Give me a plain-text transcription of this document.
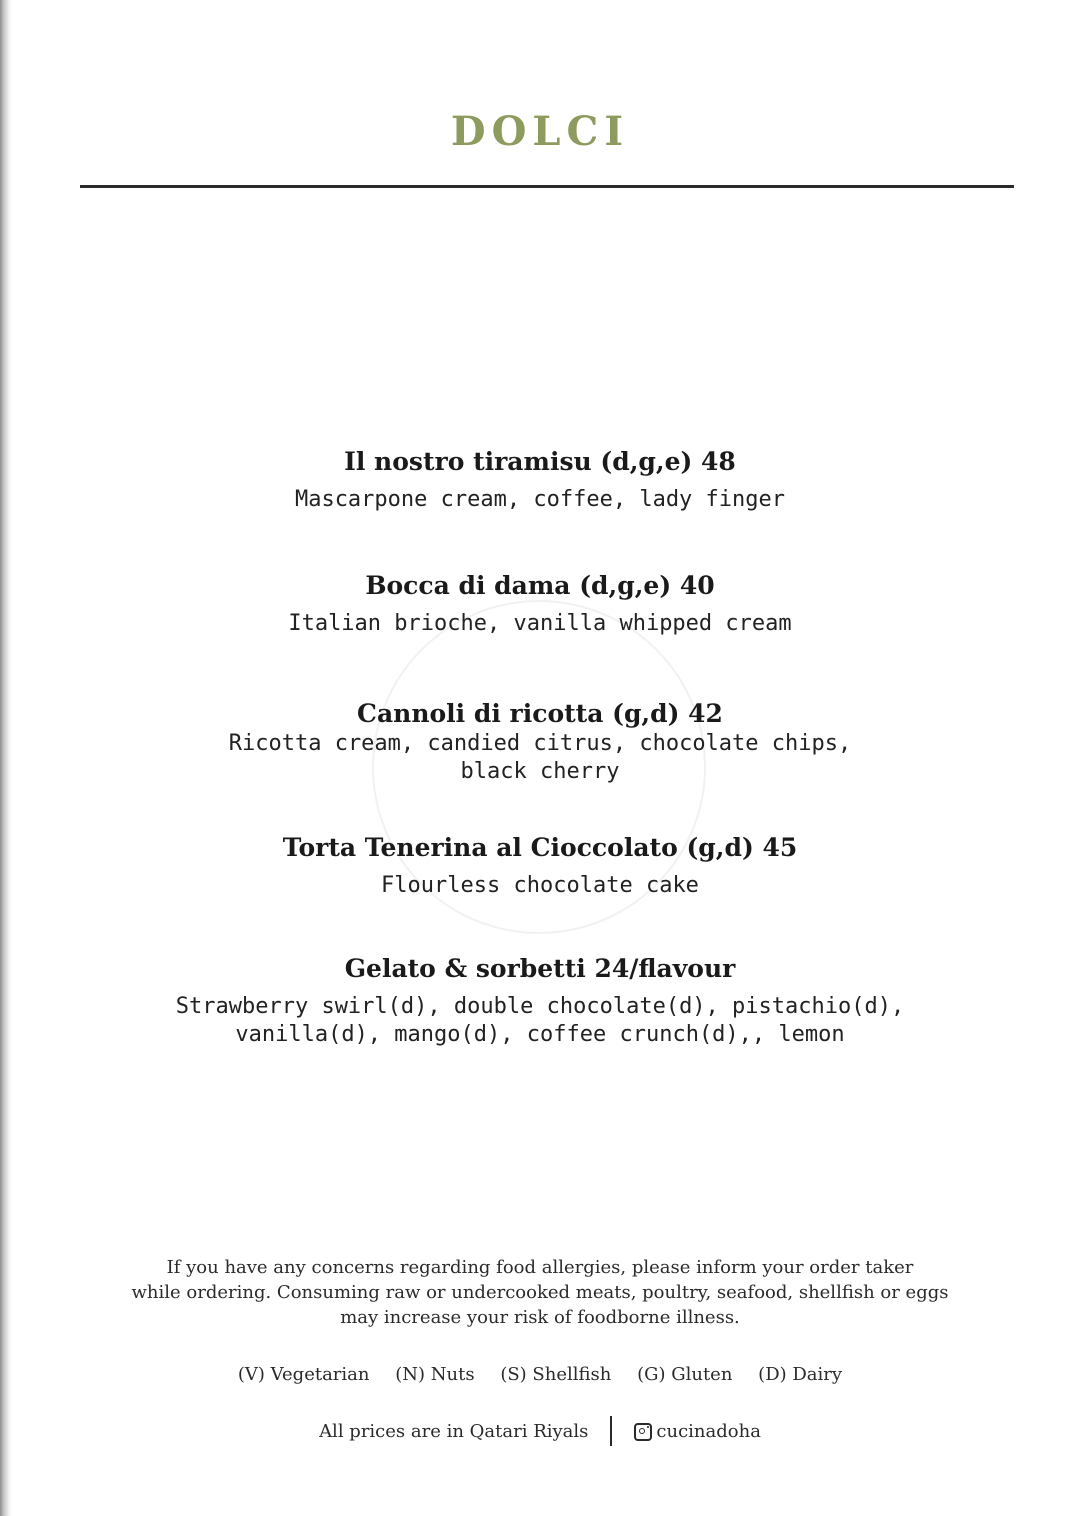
DOLCI
Il nostro tiramisu (d,g,e) 48
Mascarpone cream, coffee, lady finger
Bocca di dama (d,g,e) 40
Italian brioche, vanilla whipped cream
Cannoli di ricotta (g,d) 42
Ricotta cream, candied citrus, chocolate chips,
black cherry
Torta Tenerina al Cioccolato (g,d) 45
Flourless chocolate cake
Gelato & sorbetti 24/flavour
Strawberry swirl(d), double chocolate(d), pistachio(d),
vanilla(d), mango(d), coffee crunch(d),, lemon
If you have any concerns regarding food allergies, please inform your order taker
while ordering. Consuming raw or undercooked meats, poultry, seafood, shellfish or eggs
may increase your risk of foodborne illness.
(V) Vegetarian (N) Nuts (S) Shellfish (G) Gluten (D) Dairy
All prices are in Qatari Riyals	cucinadoha
